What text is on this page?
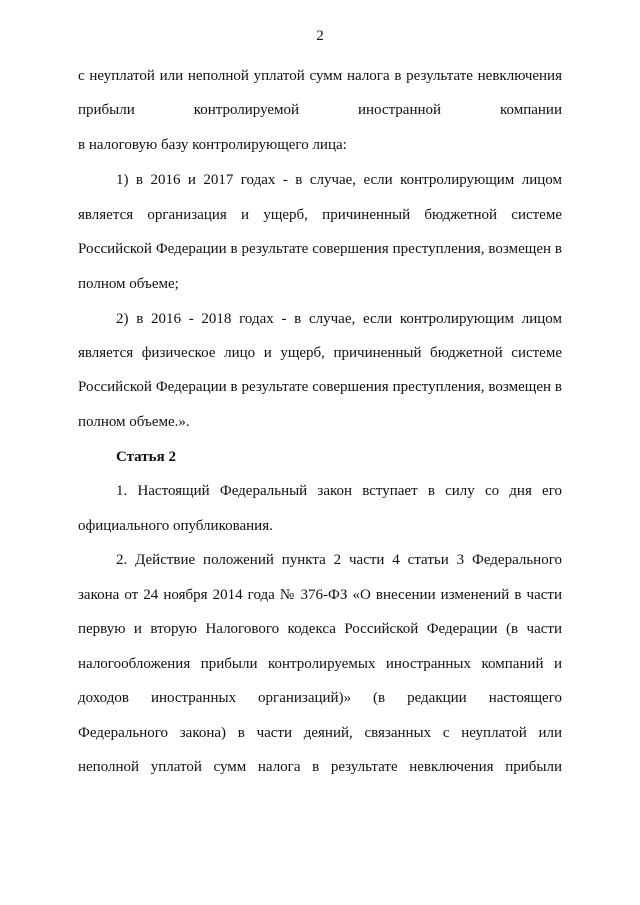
2
с неуплатой или неполной уплатой сумм налога в результате невключения
прибыли	контролируемой	иностранной	компании
в налоговую базу контролирующего лица:
1) в 2016 и 2017 годах - в случае, если контролирующим лицом
является организация и ущерб, причиненный бюджетной системе
Российской Федерации в результате совершения преступления, возмещен в
полном объеме;
2) в 2016 - 2018 годах - в случае, если контролирующим лицом
является физическое лицо и ущерб, причиненный бюджетной системе
Российской Федерации в результате совершения преступления, возмещен в
полном объеме.».
Статья 2
1. Настоящий Федеральный закон вступает в силу со дня его
официального опубликования.
2. Действие положений пункта 2 части 4 статьи 3 Федерального
закона от 24 ноября 2014 года № 376-ФЗ «О внесении изменений в части
первую и вторую Налогового кодекса Российской Федерации (в части
налогообложения прибыли контролируемых иностранных компаний и
доходов иностранных организаций)» (в редакции настоящего
Федерального закона) в части деяний, связанных с неуплатой или
неполной уплатой сумм налога в результате невключения прибыли
